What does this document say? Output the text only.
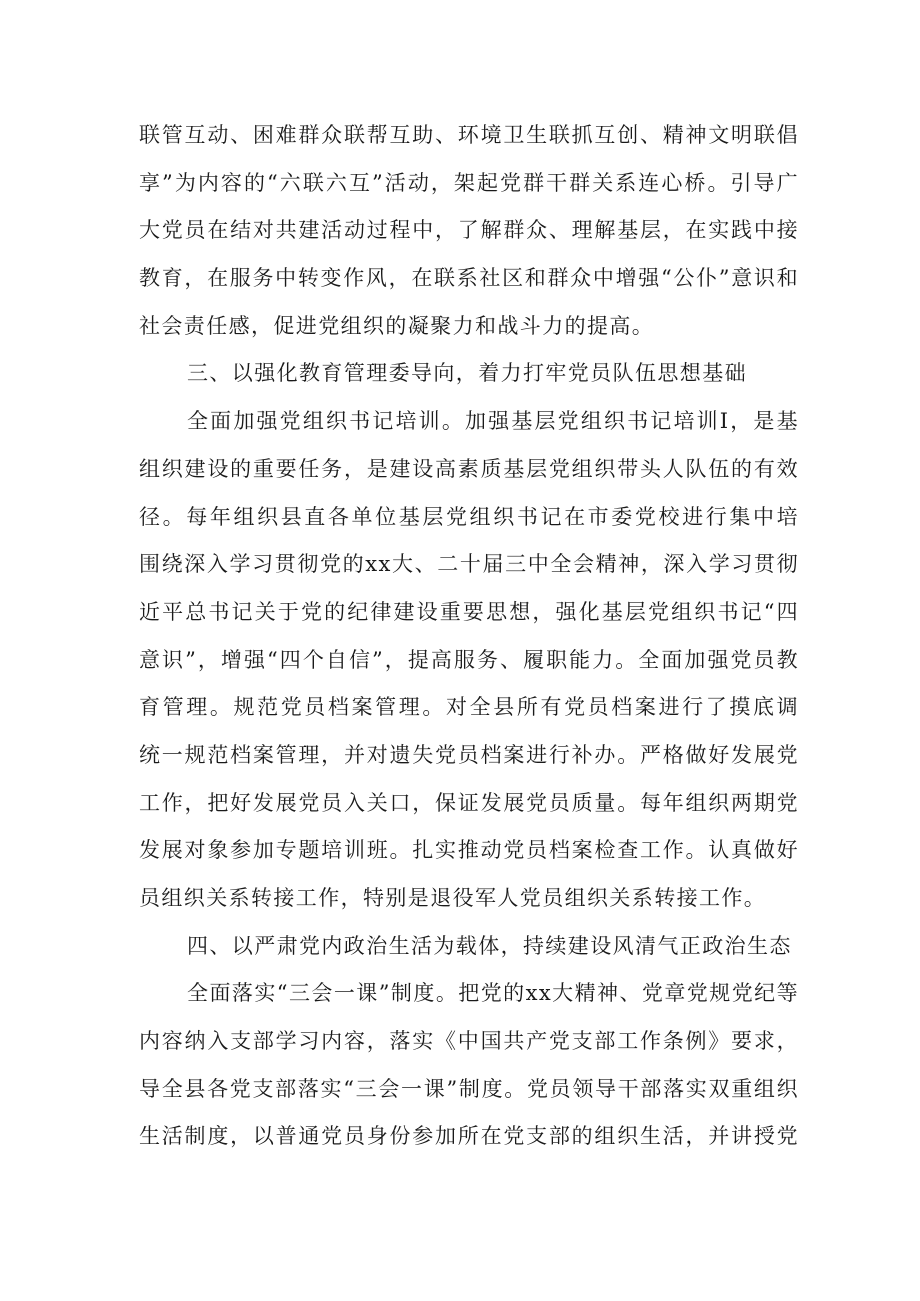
联管互动、困难群众联帮互助、环境卫生联抓互创、精神文明联倡
享”为内容的“六联六互”活动，架起党群干群关系连心桥。引导广
大党员在结对共建活动过程中，了解群众、理解基层，在实践中接
教育，在服务中转变作风，在联系社区和群众中增强“公仆”意识和
社会责任感，促进党组织的凝聚力和战斗力的提高。
三、以强化教育管理委导向，着力打牢党员队伍思想基础
全面加强党组织书记培训。加强基层党组织书记培训I，是基
组织建设的重要任务，是建设高素质基层党组织带头人队伍的有效
径。每年组织县直各单位基层党组织书记在市委党校进行集中培
围绕深入学习贯彻党的xx大、二十届三中全会精神，深入学习贯彻
近平总书记关于党的纪律建设重要思想，强化基层党组织书记“四
意识”，增强“四个自信”，提高服务、履职能力。全面加强党员教
育管理。规范党员档案管理。对全县所有党员档案进行了摸底调
统一规范档案管理，并对遗失党员档案进行补办。严格做好发展党
工作，把好发展党员入关口，保证发展党员质量。每年组织两期党
发展对象参加专题培训班。扎实推动党员档案检查工作。认真做好
员组织关系转接工作，特别是退役军人党员组织关系转接工作。
四、以严肃党内政治生活为载体，持续建设风清气正政治生态
全面落实“三会一课”制度。把党的xx大精神、党章党规党纪等
内容纳入支部学习内容，落实《中国共产党支部工作条例》要求，
导全县各党支部落实“三会一课”制度。党员领导干部落实双重组织
生活制度，以普通党员身份参加所在党支部的组织生活，并讲授党
